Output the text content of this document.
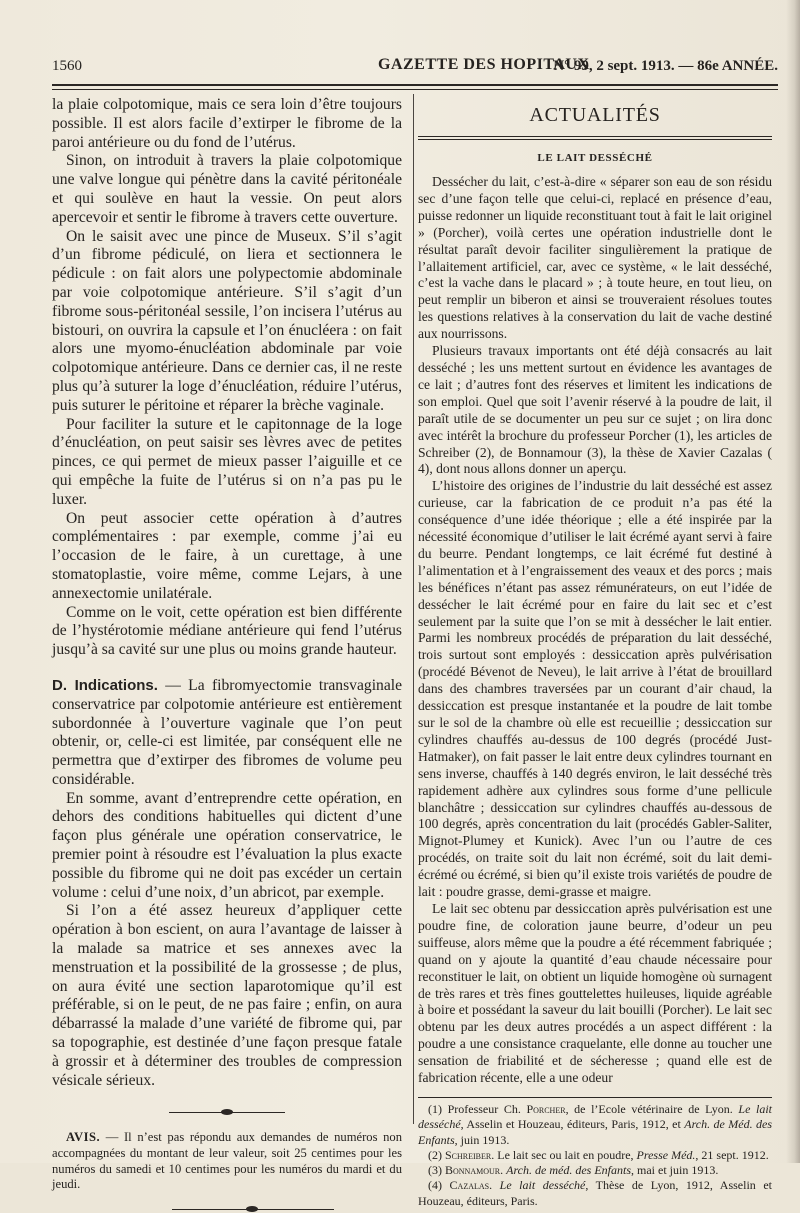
1560	GAZETTE DES HOPITAUX
N° 99, 2 sept. 1913. — 86e ANNÉE.

la plaie colpotomique, mais ce sera loin d’être toujours possible. Il est alors facile d’extirper le fibrome de la paroi antérieure ou du fond de l’utérus.

Sinon, on introduit à travers la plaie colpotomique une valve longue qui pénètre dans la cavité péritonéale et qui soulève en haut la vessie. On peut alors apercevoir et sentir le fibrome à travers cette ouverture.

On le saisit avec une pince de Museux. S’il s’agit d’un fibrome pédiculé, on liera et sectionnera le pédicule : on fait alors une polypectomie abdominale par voie colpotomique antérieure. S’il s’agit d’un fibrome sous-péritonéal sessile, l’on incisera l’utérus au bistouri, on ouvrira la capsule et l’on énucléera : on fait alors une myomo-énucléation abdominale par voie colpotomique antérieure. Dans ce dernier cas, il ne reste plus qu’à suturer la loge d’énucléation, réduire l’utérus, puis suturer le péritoine et réparer la brèche vaginale.

Pour faciliter la suture et le capitonnage de la loge d’énucléation, on peut saisir ses lèvres avec de petites pinces, ce qui permet de mieux passer l’aiguille et ce qui empêche la fuite de l’utérus si on n’a pas pu le luxer.

On peut associer cette opération à d’autres complémentaires : par exemple, comme j’ai eu l’occasion de le faire, à un curettage, à une stomatoplastie, voire même, comme Lejars, à une annexectomie unilatérale.

Comme on le voit, cette opération est bien différente de l’hystérotomie médiane antérieure qui fend l’utérus jusqu’à sa cavité sur une plus ou moins grande hauteur.

D. Indications. — La fibromyectomie transvaginale conservatrice par colpotomie antérieure est entièrement subordonnée à l’ouverture vaginale que l’on peut obtenir, or, celle-ci est limitée, par conséquent elle ne permettra que d’extirper des fibromes de volume peu considérable.

En somme, avant d’entreprendre cette opération, en dehors des conditions habituelles qui dictent d’une façon plus générale une opération conservatrice, le premier point à résoudre est l’évaluation la plus exacte possible du fibrome qui ne doit pas excéder un certain volume : celui d’une noix, d’un abricot, par exemple.

Si l’on a été assez heureux d’appliquer cette opération à bon escient, on aura l’avantage de laisser à la malade sa matrice et ses annexes avec la menstruation et la possibilité de la grossesse ; de plus, on aura évité une section laparotomique qu’il est préférable, si on le peut, de ne pas faire ; enfin, on aura débarrassé la malade d’une variété de fibrome qui, par sa topographie, est destinée d’une façon presque fatale à grossir et à déterminer des troubles de compression vésicale sérieux.

AVIS. — Il n’est pas répondu aux demandes de numéros non accompagnées du montant de leur valeur, soit 25 centimes pour les numéros du samedi et 10 centimes pour les numéros du mardi et du jeudi.

ACTUALITÉS
LE LAIT DESSÉCHÉ

Dessécher du lait, c’est-à-dire « séparer son eau de son résidu sec d’une façon telle que celui-ci, replacé en présence d’eau, puisse redonner un liquide reconstituant tout à fait le lait originel » (Porcher), voilà certes une opération industrielle dont le résultat paraît devoir faciliter singulièrement la pratique de l’allaitement artificiel, car, avec ce système, « le lait desséché, c’est la vache dans le placard » ; à toute heure, en tout lieu, on peut remplir un biberon et ainsi se trouveraient résolues toutes les questions relatives à la conservation du lait de vache destiné aux nourrissons.

Plusieurs travaux importants ont été déjà consacrés au lait desséché ; les uns mettent surtout en évidence les avantages de ce lait ; d’autres font des réserves et limitent les indications de son emploi. Quel que soit l’avenir réservé à la poudre de lait, il paraît utile de se documenter un peu sur ce sujet ; on lira donc avec intérêt la brochure du professeur Porcher (1), les articles de Schreiber (2), de Bonnamour (3), la thèse de Xavier Cazalas ( 4), dont nous allons donner un aperçu.

L’histoire des origines de l’industrie du lait desséché est assez curieuse, car la fabrication de ce produit n’a pas été la conséquence d’une idée théorique ; elle a été inspirée par la nécessité économique d’utiliser le lait écrémé ayant servi à faire du beurre. Pendant longtemps, ce lait écrémé fut destiné à l’alimentation et à l’engraissement des veaux et des porcs ; mais les bénéfices n’étant pas assez rémunérateurs, on eut l’idée de dessécher le lait écrémé pour en faire du lait sec et c’est seulement par la suite que l’on se mit à dessécher le lait entier. Parmi les nombreux procédés de préparation du lait desséché, trois surtout sont employés : dessiccation après pulvérisation (procédé Bévenot de Neveu), le lait arrive à l’état de brouillard dans des chambres traversées par un courant d’air chaud, la dessiccation est presque instantanée et la poudre de lait tombe sur le sol de la chambre où elle est recueillie ; dessiccation sur cylindres chauffés au-dessus de 100 degrés (procédé Just-Hatmaker), on fait passer le lait entre deux cylindres tournant en sens inverse, chauffés à 140 degrés environ, le lait desséché très rapidement adhère aux cylindres sous forme d’une pellicule blanchâtre ; dessiccation sur cylindres chauffés au-dessous de 100 degrés, après concentration du lait (procédés Gabler-Saliter, Mignot-Plumey et Kunick). Avec l’un ou l’autre de ces procédés, on traite soit du lait non écrémé, soit du lait demi-écrémé ou écrémé, si bien qu’il existe trois variétés de poudre de lait : poudre grasse, demi-grasse et maigre.

Le lait sec obtenu par dessiccation après pulvérisation est une poudre fine, de coloration jaune beurre, d’odeur un peu suiffeuse, alors même que la poudre a été récemment fabriquée ; quand on y ajoute la quantité d’eau chaude nécessaire pour reconstituer le lait, on obtient un liquide homogène où surnagent de très rares et très fines gouttelettes huileuses, liquide agréable à boire et possédant la saveur du lait bouilli (Porcher). Le lait sec obtenu par les deux autres procédés a un aspect différent : la poudre a une consistance craquelante, elle donne au toucher une sensation de friabilité et de sécheresse ; quand elle est de fabrication récente, elle a une odeur

(1) Professeur Ch. Porcher, de l’Ecole vétérinaire de Lyon. Le lait desséché, Asselin et Houzeau, éditeurs, Paris, 1912, et Arch. de Méd. des Enfants, juin 1913.

(2) Schreiber. Le lait sec ou lait en poudre, Presse Méd., 21 sept. 1912.

(3) Bonnamour. Arch. de méd. des Enfants, mai et juin 1913.

(4) Cazalas. Le lait desséché, Thèse de Lyon, 1912, Asselin et Houzeau, éditeurs, Paris.
